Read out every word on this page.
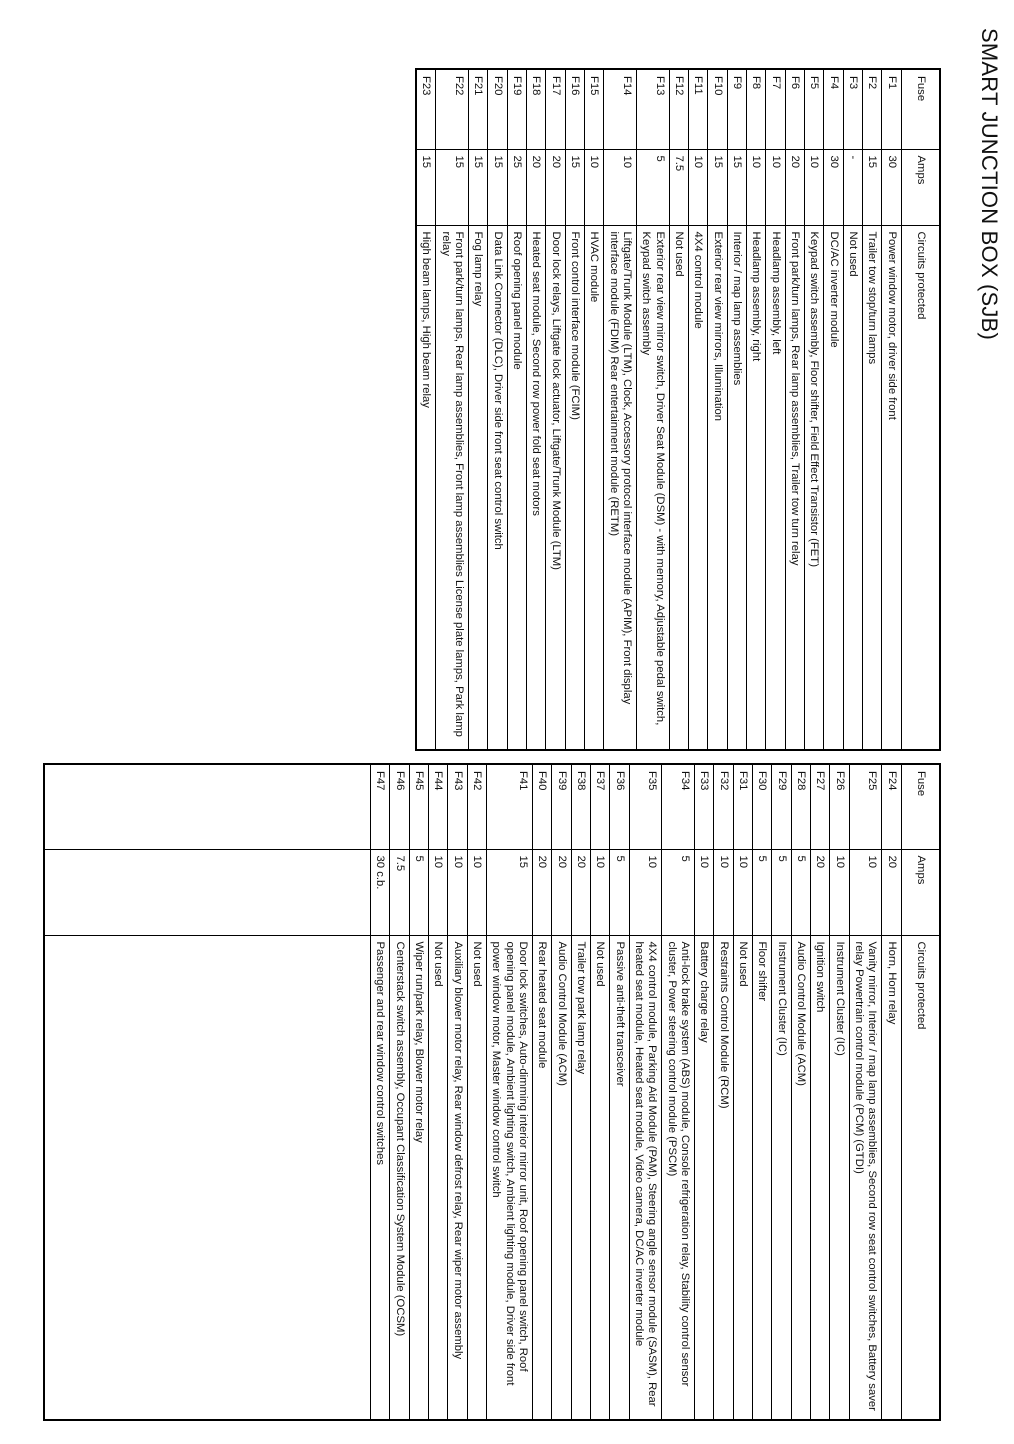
SMART JUNCTION BOX (SJB)
Fuse	Amps	Circuits protected
F1	30	Power window motor, driver side front
F2	15	Trailer tow stop/turn lamps
F3	-	Not used
F4	30	DC/AC inverter module
F5	10	Keypad switch assembly, Floor shifter, Field Effect Transistor (FET)
F6	20	Front park/turn lamps, Rear lamp assemblies, Trailer tow turn relay
F7	10	Headlamp assembly, left
F8	10	Headlamp assembly, right
F9	15	Interior / map lamp assemblies
F10	15	Exterior rear view mirrors, Illumination
F11	10	4X4 control module
F12	7.5	Not used
F13	5	Exterior rear view mirror switch, Driver Seat Module (DSM) - with memory, Adjustable pedal switch, Keypad switch assembly
F14	10	Liftgate/Trunk Module (LTM), Clock, Accessory protocol interface module (APIM), Front display interface module (FDIM) Rear entertainment module (RETM)
F15	10	HVAC module
F16	15	Front control interface module (FCIM)
F17	20	Door lock relays, Liftgate lock actuator, Liftgate/Trunk Module (LTM)
F18	20	Heated seat module, Second row power fold seat motors
F19	25	Roof opening panel module
F20	15	Data Link Connector (DLC), Driver side front seat control switch
F21	15	Fog lamp relay
F22	15	Front park/turn lamps, Rear lamp assemblies, Front lamp assemblies License plate lamps, Park lamp relay
F23	15	High beam lamps, High beam relay
Fuse	Amps	Circuits protected
F24	20	Horn, Horn relay
F25	10	Vanity mirror, Interior / map lamp assemblies, Second row seat control switches, Battery saver relay Powertrain control module (PCM) (GTDI)
F26	10	Instrument Cluster (IC)
F27	20	Ignition switch
F28	5	Audio Control Module (ACM)
F29	5	Instrument Cluster (IC)
F30	5	Floor shifter
F31	10	Not used
F32	10	Restraints Control Module (RCM)
F33	10	Battery charge relay
F34	5	Anti-lock brake system (ABS) module, Console refrigeration relay, Stability control sensor cluster, Power steering control module (PSCM)
F35	10	4X4 control module, Parking Aid Module (PAM), Steering angle sensor module (SASM), Rear heated seat module, Heated seat module, Video camera, DC/AC inverter module
F36	5	Passive anti-theft transceiver
F37	10	Not used
F38	20	Trailer tow park lamp relay
F39	20	Audio Control Module (ACM)
F40	20	Rear heated seat module
F41	15	Door lock switches, Auto-dimming interior mirror unit, Roof opening panel switch, Roof opening panel module, Ambient lighting switch, Ambient lighting module, Driver side front power window motor, Master window control switch
F42	10	Not used
F43	10	Auxiliary blower motor relay, Rear window defrost relay, Rear wiper motor assembly
F44	10	Not used
F45	5	Wiper run/park relay, Blower motor relay
F46	7.5	Centerstack switch assembly, Occupant Classification System Module (OCSM)
F47	30 c.b.	Passenger and rear window control switches
